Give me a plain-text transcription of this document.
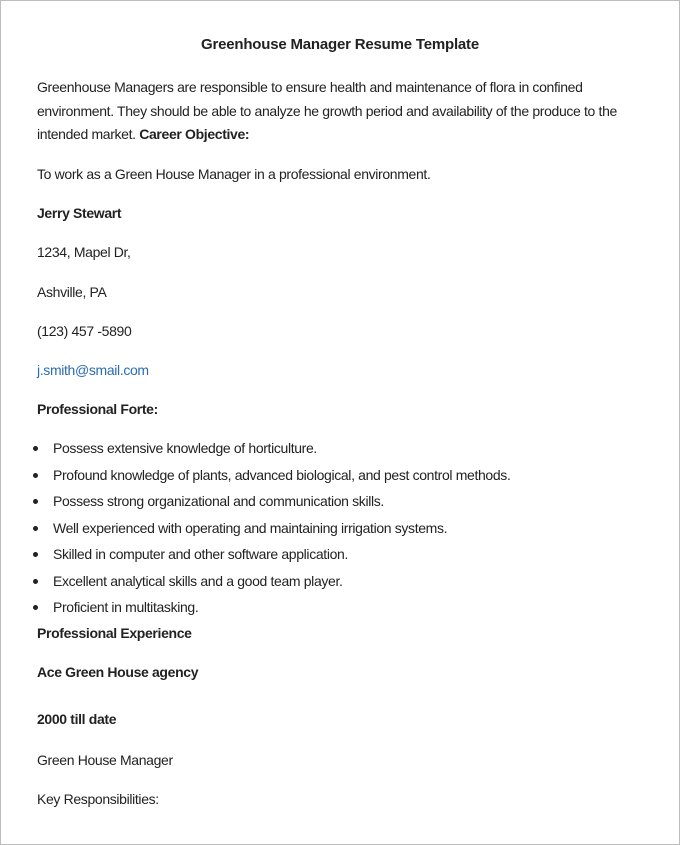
Greenhouse Manager Resume Template
Greenhouse Managers are responsible to ensure health and maintenance of flora in confined
environment. They should be able to analyze he growth period and availability of the produce to the
intended market. Career Objective:
To work as a Green House Manager in a professional environment.
Jerry Stewart
1234, Mapel Dr,
Ashville, PA
(123) 457 -5890
j.smith@smail.com
Professional Forte:
Possess extensive knowledge of horticulture.
Profound knowledge of plants, advanced biological, and pest control methods.
Possess strong organizational and communication skills.
Well experienced with operating and maintaining irrigation systems.
Skilled in computer and other software application.
Excellent analytical skills and a good team player.
Proficient in multitasking.
Professional Experience
Ace Green House agency
2000 till date
Green House Manager
Key Responsibilities:
